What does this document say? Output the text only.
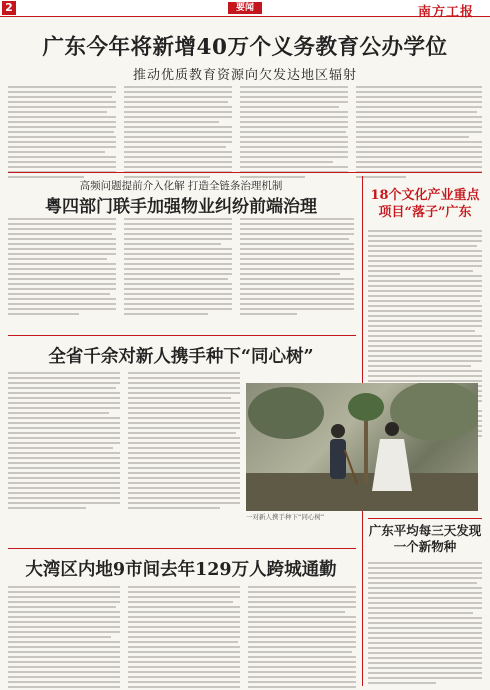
2	要闻	南方工报
广东今年将新增40万个义务教育公办学位
推动优质教育资源向欠发达地区辐射
高频问题提前介入化解 打造全链条治理机制
粤四部门联手加强物业纠纷前端治理
18个文化产业重点项目“落子”广东
全省千余对新人携手种下“同心树”
一对新人携手种下“同心树”
广东平均每三天发现一个新物种
大湾区内地9市间去年129万人跨城通勤
